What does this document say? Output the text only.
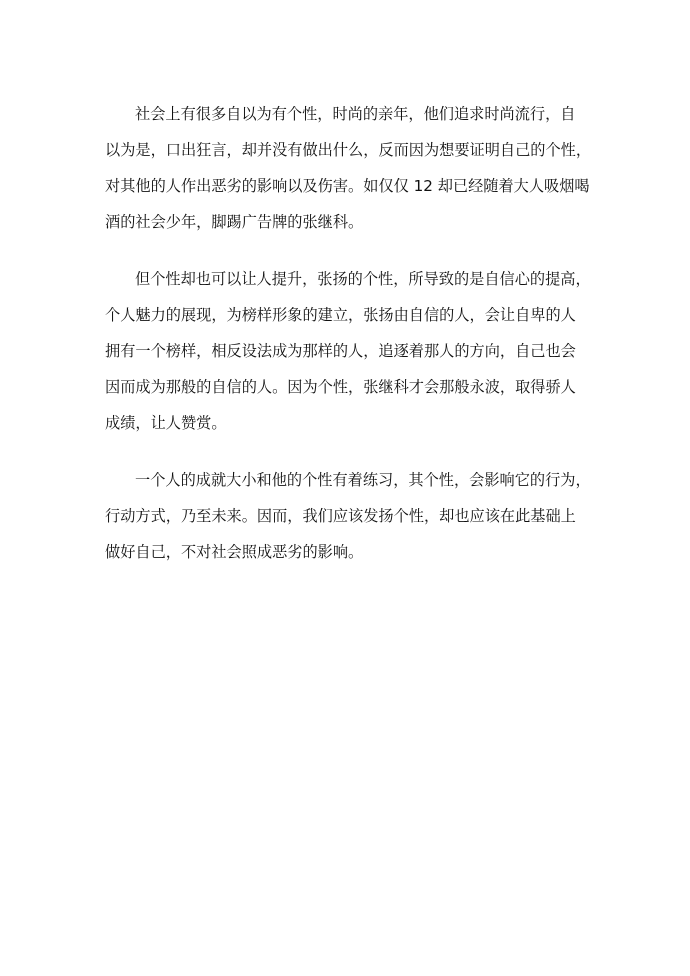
社会上有很多自以为有个性，时尚的亲年，他们追求时尚流行，自
以为是，口出狂言，却并没有做出什么，反而因为想要证明自己的个性，
对其他的人作出恶劣的影响以及伤害。如仅仅 12 却已经随着大人吸烟喝
酒的社会少年，脚踢广告牌的张继科。

但个性却也可以让人提升，张扬的个性，所导致的是自信心的提高，
个人魅力的展现，为榜样形象的建立，张扬由自信的人，会让自卑的人
拥有一个榜样，相反设法成为那样的人，追逐着那人的方向，自己也会
因而成为那般的自信的人。因为个性，张继科才会那般永波，取得骄人
成绩，让人赞赏。

一个人的成就大小和他的个性有着练习，其个性，会影响它的行为，
行动方式，乃至未来。因而，我们应该发扬个性，却也应该在此基础上
做好自己，不对社会照成恶劣的影响。
